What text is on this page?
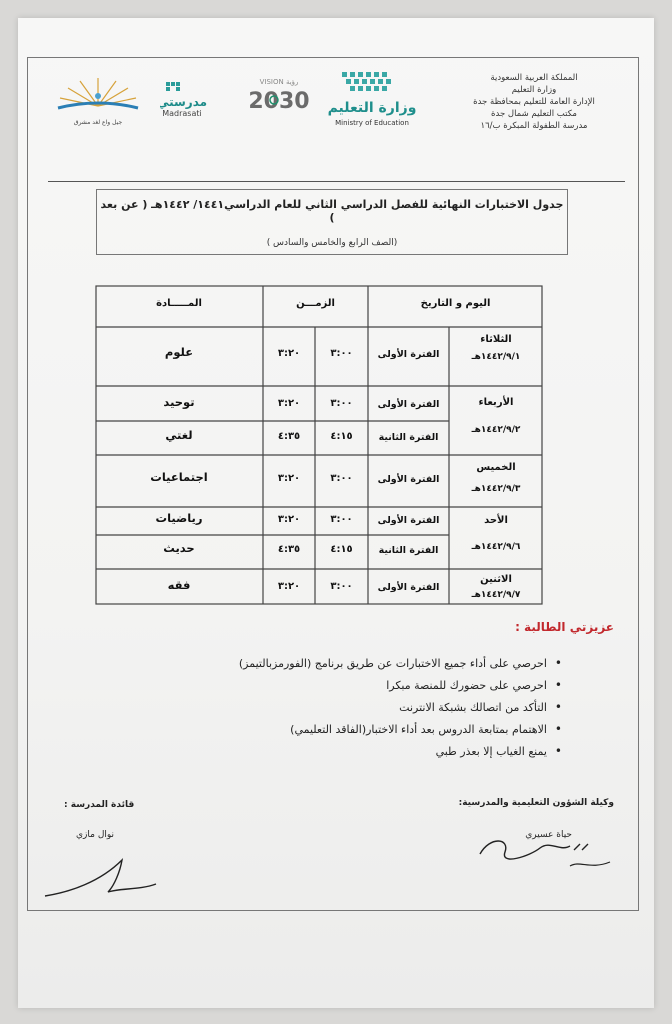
المملكة العربية السعودية
وزارة التعليم
الإدارة العامة للتعليم بمحافظة جدة
مكتب التعليم شمال جدة
مدرسة الطفولة المبكرة ب/١٦
وزارة التعليم
Ministry of Education
VISION رؤية
2030
مدرستي
Madrasati
جيل واع لغد مشرق
جدول الاختبارات النهائية للفصل الدراسي الثاني للعام الدراسي١٤٤١/ ١٤٤٢هـ ( عن بعد )
(الصف الرابع والخامس والسادس )
اليوم و التاريخ
الزمـــن
المـــــادة
الثلاثاء
١٤٤٢/٩/١هـ
الفترة الأولى
٣:٠٠
٣:٢٠
علوم
الأربعاء
١٤٤٢/٩/٢هـ
الفترة الأولى
٣:٠٠
٣:٢٠
توحيد
الفترة الثانية
٤:١٥
٤:٣٥
لغتي
الخميس
١٤٤٢/٩/٣هـ
الفترة الأولى
٣:٠٠
٣:٢٠
اجتماعيات
الأحد
١٤٤٢/٩/٦هـ
الفترة الأولى
٣:٠٠
٣:٢٠
رياضيات
الفترة الثانية
٤:١٥
٤:٣٥
حديث
الاثنين
١٤٤٢/٩/٧هـ
الفترة الأولى
٣:٠٠
٣:٢٠
فقه
عزيزتي الطالبة :
• احرصي على أداء جميع الاختبارات عن طريق برنامج (الفورمزبالتيمز)
• احرصي على حضورك للمنصة مبكرا
• التأكد من اتصالك بشبكة الانترنت
• الاهتمام بمتابعة الدروس بعد أداء الاختبار(الفاقد التعليمي)
• يمنع الغياب إلا بعذر طبي
وكيلة الشؤون التعليمية والمدرسية:
حياة عسيري
قائدة المدرسة :
نوال مازي
